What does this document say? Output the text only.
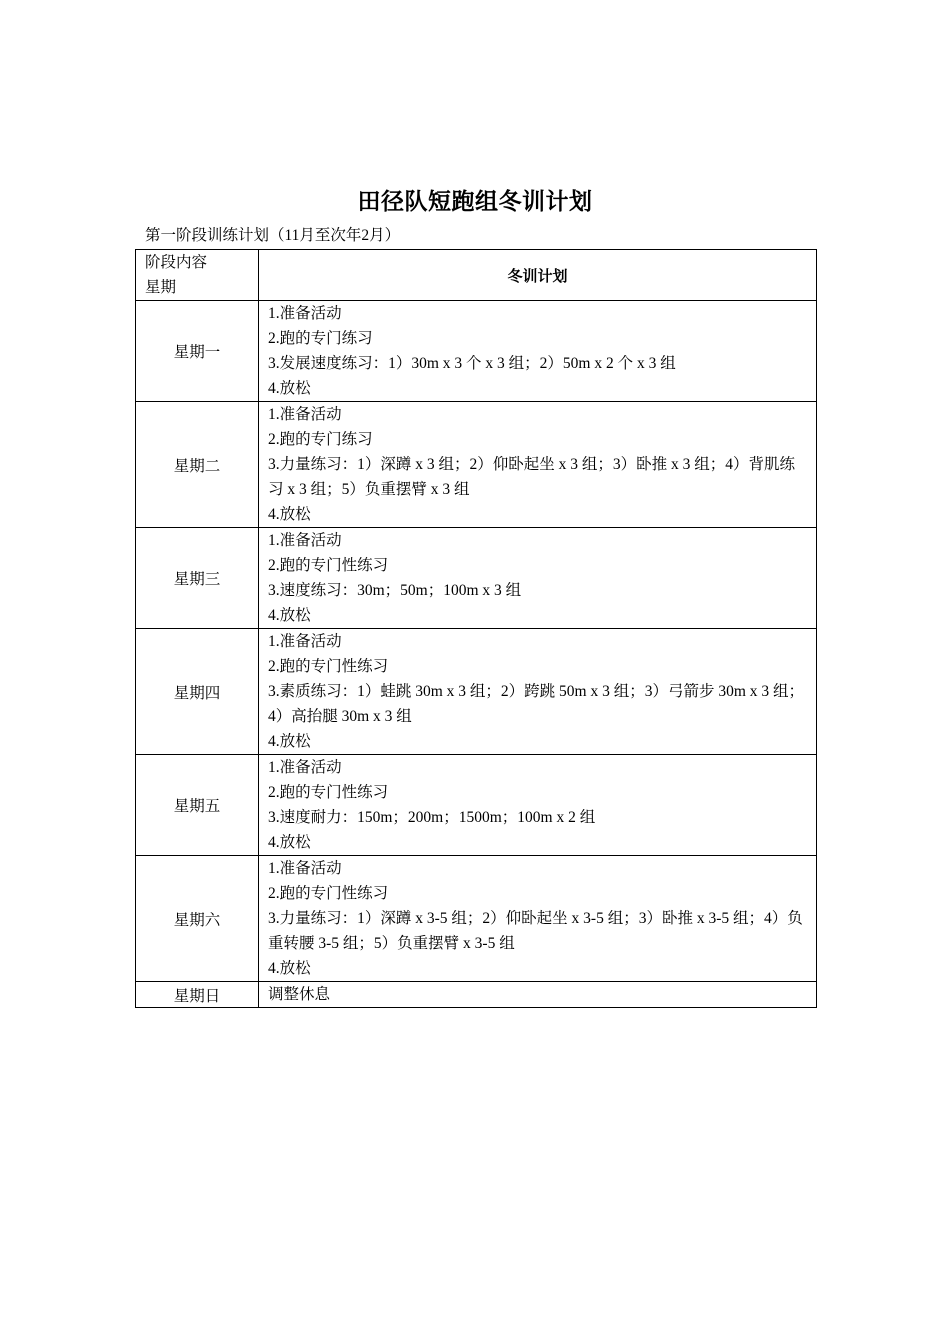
田径队短跑组冬训计划
第一阶段训练计划（11月至次年2月）
阶段内容
星期	冬训计划
星期一	1.准备活动
2.跑的专门练习
3.发展速度练习：1）30m x 3 个 x 3 组；2）50m x 2 个 x 3 组
4.放松

星期二	1.准备活动
2.跑的专门练习
3.力量练习：1）深蹲 x 3 组；2）仰卧起坐 x 3 组；3）卧推 x 3 组；4）背肌练习 x 3 组；5）负重摆臂 x 3 组
4.放松

星期三	1.准备活动
2.跑的专门性练习
3.速度练习：30m；50m；100m x 3 组
4.放松

星期四	1.准备活动
2.跑的专门性练习
3.素质练习：1）蛙跳 30m x 3 组；2）跨跳 50m x 3 组；3）弓箭步 30m x 3 组；4）高抬腿 30m x 3 组
4.放松

星期五	1.准备活动
2.跑的专门性练习
3.速度耐力：150m；200m；1500m；100m x 2 组
4.放松

星期六	1.准备活动
2.跑的专门性练习
3.力量练习：1）深蹲 x 3-5 组；2）仰卧起坐 x 3-5 组；3）卧推 x 3-5 组；4）负重转腰 3-5 组；5）负重摆臂 x 3-5 组
4.放松

星期日	调整休息
